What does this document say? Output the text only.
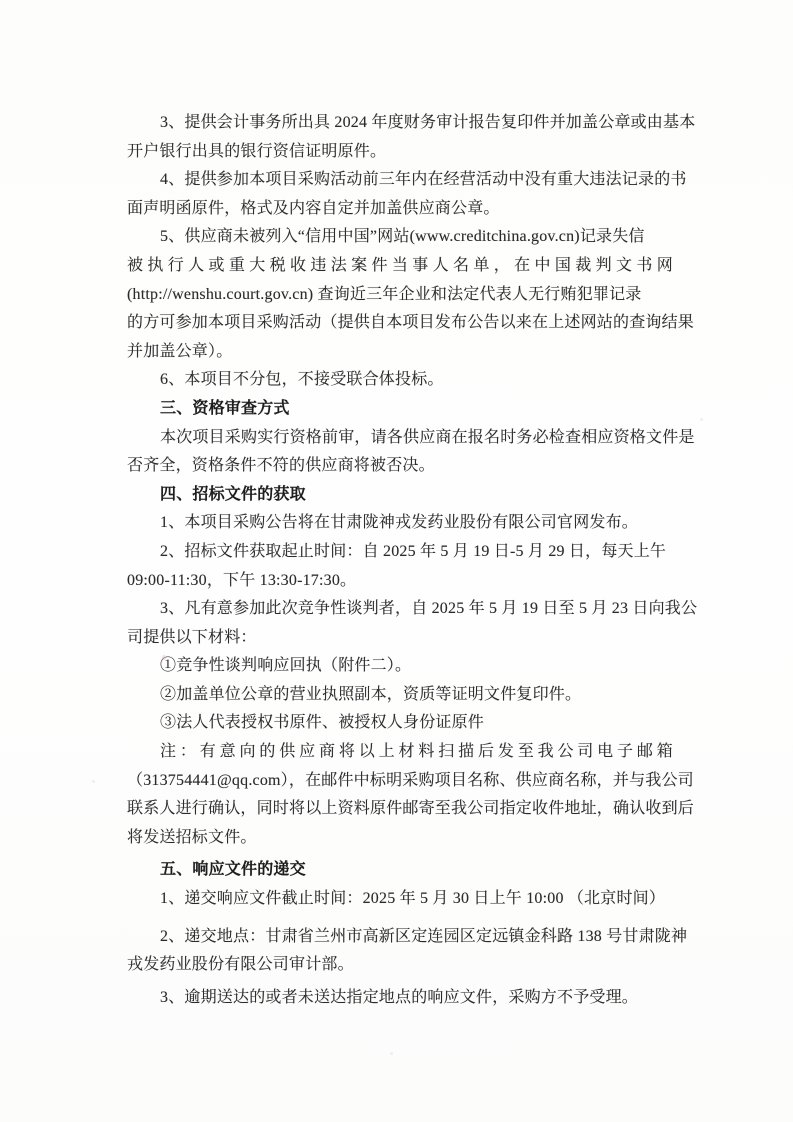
3、提供会计事务所出具 2024 年度财务审计报告复印件并加盖公章或由基本
开户银行出具的银行资信证明原件。
4、提供参加本项目采购活动前三年内在经营活动中没有重大违法记录的书
面声明函原件，格式及内容自定并加盖供应商公章。
5、供应商未被列入“信用中国”网站(www.creditchina.gov.cn)记录失信
被执行人或重大税收违法案件当事人名单，在中国裁判文书网
(http://wenshu.court.gov.cn) 查询近三年企业和法定代表人无行贿犯罪记录
的方可参加本项目采购活动（提供自本项目发布公告以来在上述网站的查询结果
并加盖公章）。
6、本项目不分包，不接受联合体投标。
三、资格审查方式
本次项目采购实行资格前审，请各供应商在报名时务必检查相应资格文件是
否齐全，资格条件不符的供应商将被否决。
四、招标文件的获取
1、本项目采购公告将在甘肃陇神戎发药业股份有限公司官网发布。
2、招标文件获取起止时间：自 2025 年 5 月 19 日-5 月 29 日，每天上午
09:00-11:30，下午 13:30-17:30。
3、凡有意参加此次竞争性谈判者，自 2025 年 5 月 19 日至 5 月 23 日向我公
司提供以下材料：
①竞争性谈判响应回执（附件二）。
②加盖单位公章的营业执照副本，资质等证明文件复印件。
③法人代表授权书原件、被授权人身份证原件
注：有意向的供应商将以上材料扫描后发至我公司电子邮箱
（313754441@qq.com），在邮件中标明采购项目名称、供应商名称，并与我公司
联系人进行确认，同时将以上资料原件邮寄至我公司指定收件地址，确认收到后
将发送招标文件。
五、响应文件的递交
1、递交响应文件截止时间：2025 年 5 月 30 日上午 10:00 （北京时间）
2、递交地点：甘肃省兰州市高新区定连园区定远镇金科路 138 号甘肃陇神
戎发药业股份有限公司审计部。
3、逾期送达的或者未送达指定地点的响应文件，采购方不予受理。
